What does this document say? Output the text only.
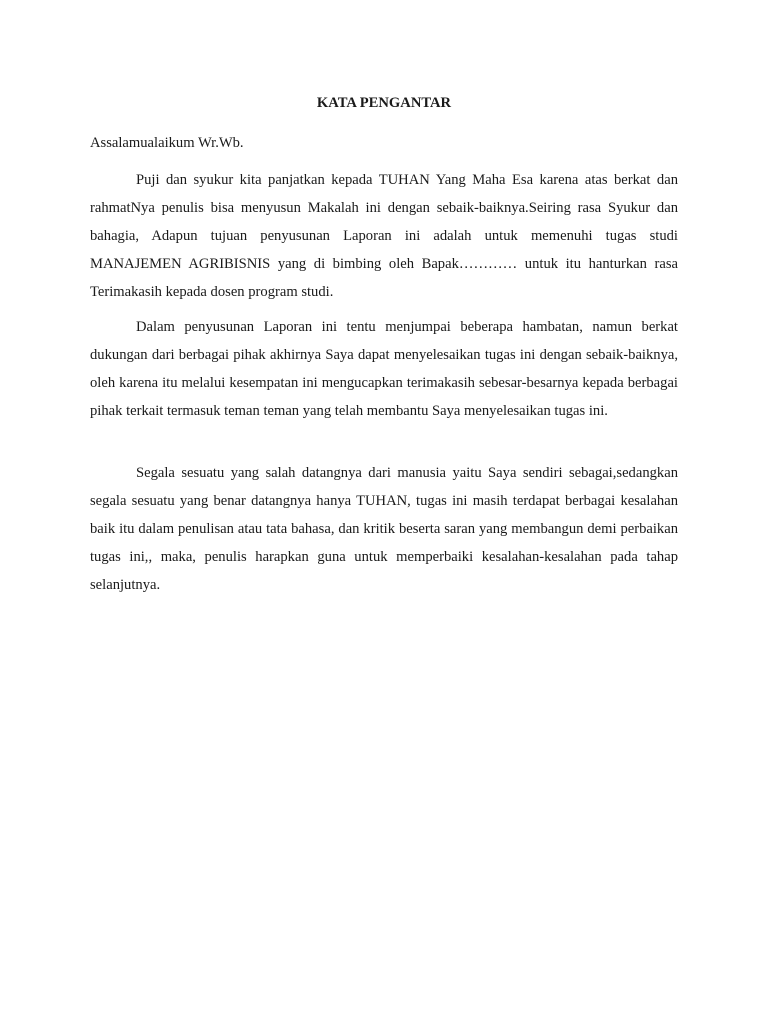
KATA PENGANTAR
Assalamualaikum Wr.Wb.

Puji dan syukur kita panjatkan kepada TUHAN Yang Maha Esa karena atas berkat dan rahmatNya penulis bisa menyusun Makalah ini dengan sebaik-baiknya.Seiring rasa Syukur dan bahagia, Adapun tujuan penyusunan Laporan ini adalah untuk memenuhi tugas studi MANAJEMEN AGRIBISNIS yang di bimbing oleh Bapak………… untuk itu hanturkan rasa Terimakasih kepada dosen program studi.

Dalam penyusunan Laporan ini tentu menjumpai beberapa hambatan, namun berkat dukungan dari berbagai pihak akhirnya Saya dapat menyelesaikan tugas ini dengan sebaik-baiknya, oleh karena itu melalui kesempatan ini mengucapkan terimakasih sebesar-besarnya kepada berbagai pihak terkait termasuk teman teman yang telah membantu Saya menyelesaikan tugas ini.

Segala sesuatu yang salah datangnya dari manusia yaitu Saya sendiri sebagai,sedangkan segala sesuatu yang benar datangnya hanya TUHAN, tugas ini masih terdapat berbagai kesalahan baik itu dalam penulisan atau tata bahasa, dan kritik beserta saran yang membangun demi perbaikan tugas ini,, maka, penulis harapkan guna untuk memperbaiki kesalahan-kesalahan pada tahap selanjutnya.
